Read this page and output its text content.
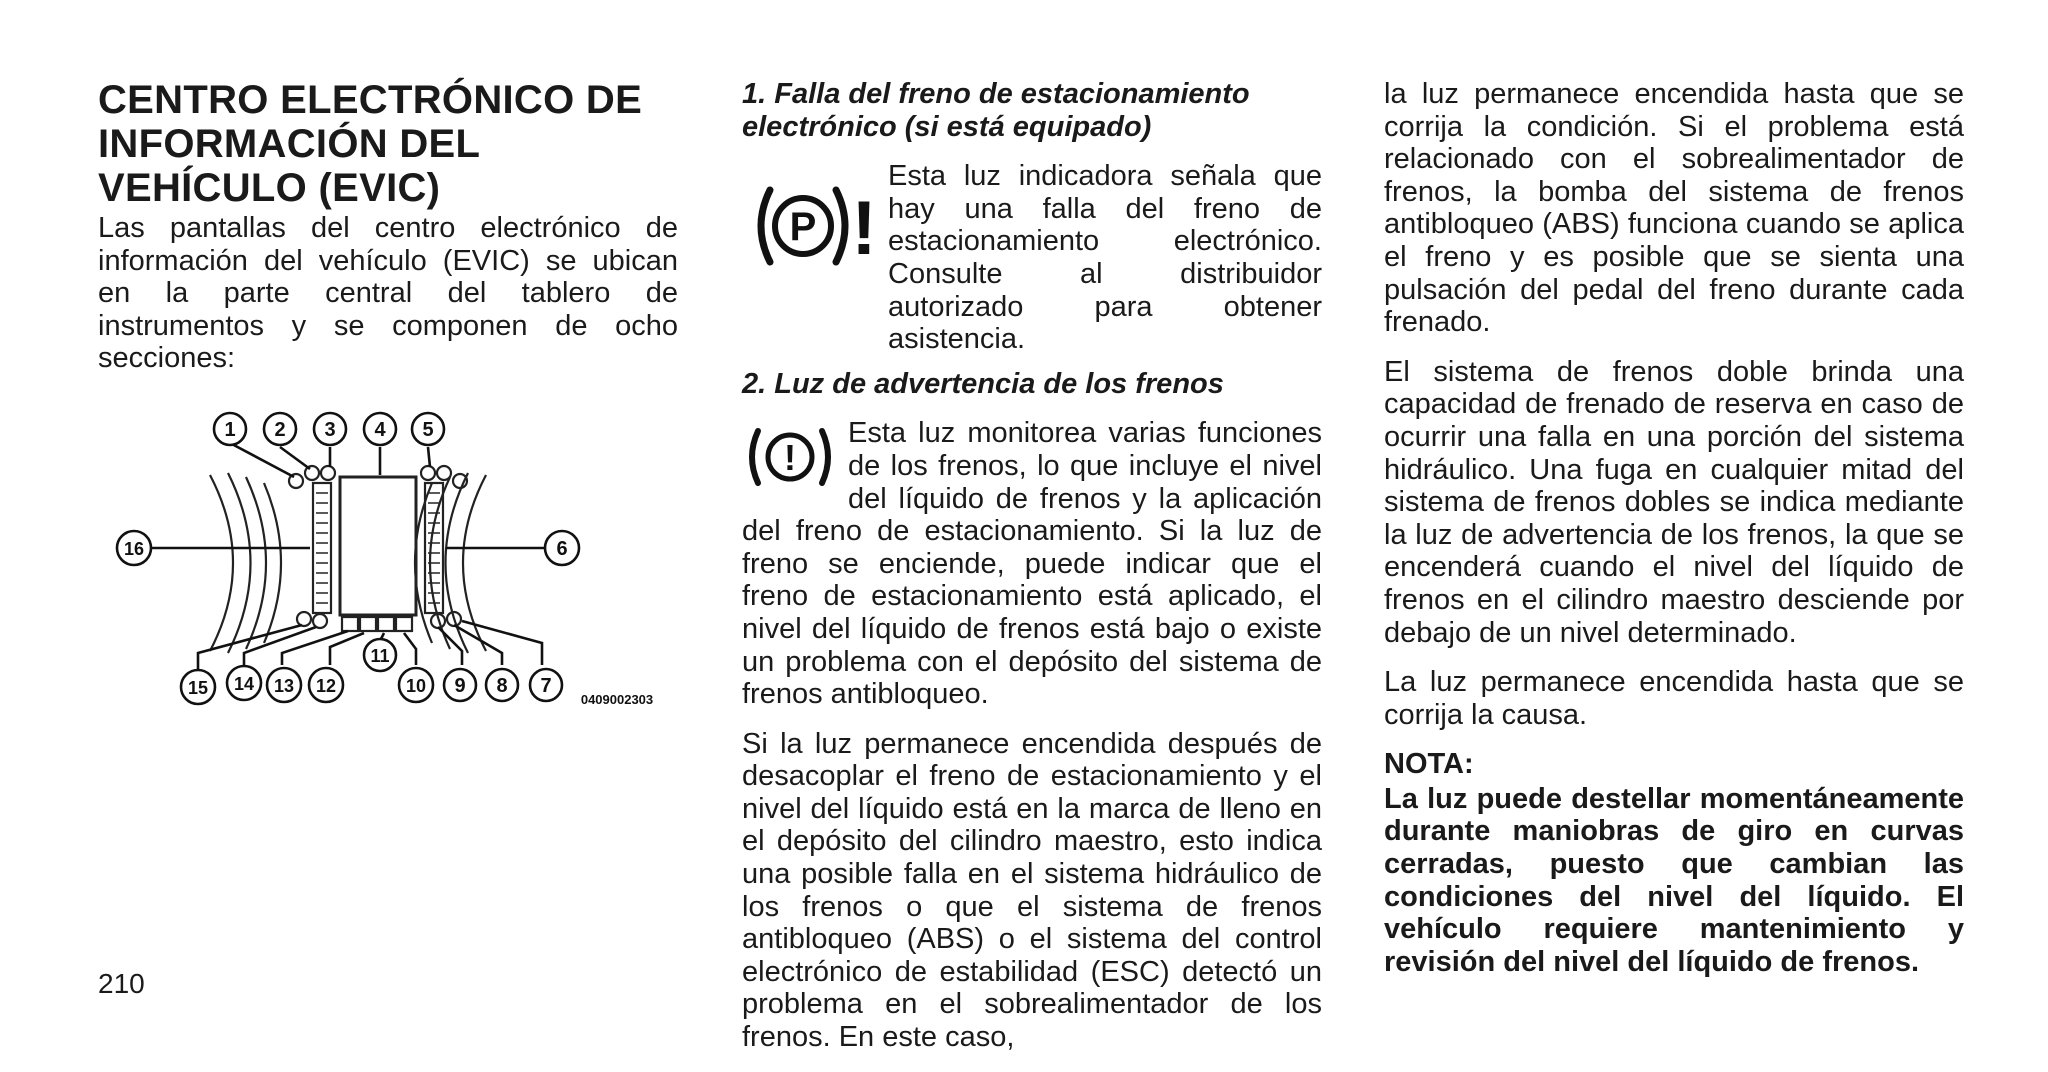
CENTRO ELECTRÓNICO DE INFORMACIÓN DEL VEHÍCULO (EVIC)

Las pantallas del centro electrónico de información del vehículo (EVIC) se ubican en la parte central del tablero de instrumentos y se componen de ocho secciones:

1 2 3 4 5
16	6
11
15 14 13 12	10 9 8 7
0409002303

1. Falla del freno de estacionamiento electrónico (si está equipado)

P !
Esta luz indicadora señala que hay una falla del freno de estacionamiento electrónico. Consulte al distribuidor autorizado para obtener asistencia.

2. Luz de advertencia de los frenos

!
Esta luz monitorea varias funciones de los frenos, lo que incluye el nivel del líquido de frenos y la aplicación del freno de estacionamiento. Si la luz de freno se enciende, puede indicar que el freno de estacionamiento está aplicado, el nivel del líquido de frenos está bajo o existe un problema con el depósito del sistema de frenos antibloqueo.

Si la luz permanece encendida después de desacoplar el freno de estacionamiento y el nivel del líquido está en la marca de lleno en el depósito del cilindro maestro, esto indica una posible falla en el sistema hidráulico de los frenos o que el sistema de frenos antibloqueo (ABS) o el sistema del control electrónico de estabilidad (ESC) detectó un problema en el sobrealimentador de los frenos. En este caso,

la luz permanece encendida hasta que se corrija la condición. Si el problema está relacionado con el sobrealimentador de frenos, la bomba del sistema de frenos antibloqueo (ABS) funciona cuando se aplica el freno y es posible que se sienta una pulsación del pedal del freno durante cada frenado.

El sistema de frenos doble brinda una capacidad de frenado de reserva en caso de ocurrir una falla en una porción del sistema hidráulico. Una fuga en cualquier mitad del sistema de frenos dobles se indica mediante la luz de advertencia de los frenos, la que se encenderá cuando el nivel del líquido de frenos en el cilindro maestro desciende por debajo de un nivel determinado.

La luz permanece encendida hasta que se corrija la causa.

NOTA:

La luz puede destellar momentáneamente durante maniobras de giro en curvas cerradas, puesto que cambian las condiciones del nivel del líquido. El vehículo requiere mantenimiento y revisión del nivel del líquido de frenos.

210
